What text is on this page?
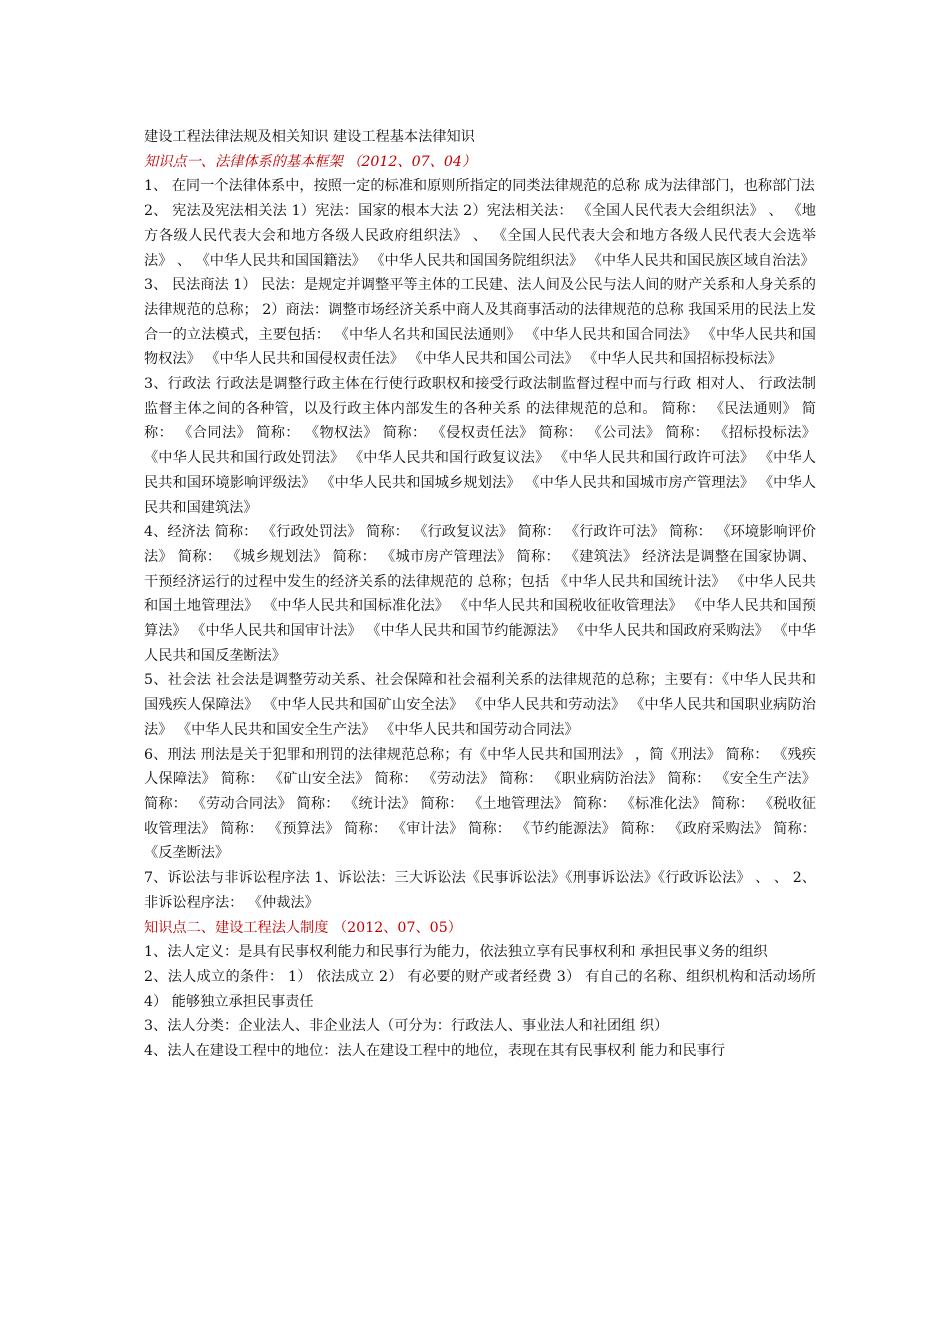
建设工程法律法规及相关知识 建设工程基本法律知识

知识点一、法律体系的基本框架 （2012、07、04）

1、 在同一个法律体系中，按照一定的标准和原则所指定的同类法律规范的总称 成为法律部门，也称部门法

2、 宪法及宪法相关法 1）宪法：国家的根本大法 2）宪法相关法： 《全国人民代表大会组织法》 、 《地方各级人民代表大会和地方各级人民政府组织法》 、 《全国人民代表大会和地方各级人民代表大会选举法》 、 《中华人民共和国国籍法》 《中华人民共和国国务院组织法》 《中华人民共和国民族区域自治法》

3、 民法商法 1） 民法：是规定并调整平等主体的工民建、法人间及公民与法人间的财产关系和人身关系的法律规范的总称； 2）商法：调整市场经济关系中商人及其商事活动的法律规范的总称 我国采用的民法上发合一的立法模式，主要包括： 《中华人名共和国民法通则》 《中华人民共和国合同法》 《中华人民共和国物权法》 《中华人民共和国侵权责任法》 《中华人民共和国公司法》 《中华人民共和国招标投标法》

3、行政法 行政法是调整行政主体在行使行政职权和接受行政法制监督过程中而与行政 相对人、 行政法制监督主体之间的各种管，以及行政主体内部发生的各种关系 的法律规范的总和。 简称： 《民法通则》 简称： 《合同法》 简称： 《物权法》 简称： 《侵权责任法》 简称： 《公司法》 简称： 《招标投标法》 《中华人民共和国行政处罚法》 《中华人民共和国行政复议法》 《中华人民共和国行政许可法》 《中华人民共和国环境影响评级法》 《中华人民共和国城乡规划法》 《中华人民共和国城市房产管理法》 《中华人民共和国建筑法》

4、经济法 简称： 《行政处罚法》 简称： 《行政复议法》 简称： 《行政许可法》 简称： 《环境影响评价法》 简称： 《城乡规划法》 简称： 《城市房产管理法》 简称： 《建筑法》 经济法是调整在国家协调、 干预经济运行的过程中发生的经济关系的法律规范的 总称；包括 《中华人民共和国统计法》 《中华人民共和国土地管理法》 《中华人民共和国标准化法》 《中华人民共和国税收征收管理法》 《中华人民共和国预算法》 《中华人民共和国审计法》 《中华人民共和国节约能源法》 《中华人民共和国政府采购法》 《中华人民共和国反垄断法》

5、社会法 社会法是调整劳动关系、社会保障和社会福利关系的法律规范的总称；主要有：《中华人民共和国残疾人保障法》 《中华人民共和国矿山安全法》 《中华人民共和劳动法》 《中华人民共和国职业病防治法》 《中华人民共和国安全生产法》 《中华人民共和国劳动合同法》

6、刑法 刑法是关于犯罪和刑罚的法律规范总称；有《中华人民共和国刑法》 ，简《刑法》 简称： 《残疾人保障法》 简称： 《矿山安全法》 简称： 《劳动法》 简称： 《职业病防治法》 简称： 《安全生产法》 简称： 《劳动合同法》 简称： 《统计法》 简称： 《土地管理法》 简称： 《标准化法》 简称： 《税收征收管理法》 简称： 《预算法》 简称： 《审计法》 简称： 《节约能源法》 简称： 《政府采购法》 简称： 《反垄断法》

7、诉讼法与非诉讼程序法 1、诉讼法：三大诉讼法《民事诉讼法》《刑事诉讼法》《行政诉讼法》 、 、 2、非诉讼程序法： 《仲裁法》

知识点二、建设工程法人制度 （2012、07、05）

1、法人定义：是具有民事权利能力和民事行为能力，依法独立享有民事权利和 承担民事义务的组织

2、法人成立的条件： 1） 依法成立 2） 有必要的财产或者经费 3） 有自己的名称、组织机构和活动场所 4） 能够独立承担民事责任

3、法人分类：企业法人、非企业法人（可分为：行政法人、事业法人和社团组 织）

4、法人在建设工程中的地位：法人在建设工程中的地位，表现在其有民事权利 能力和民事行
